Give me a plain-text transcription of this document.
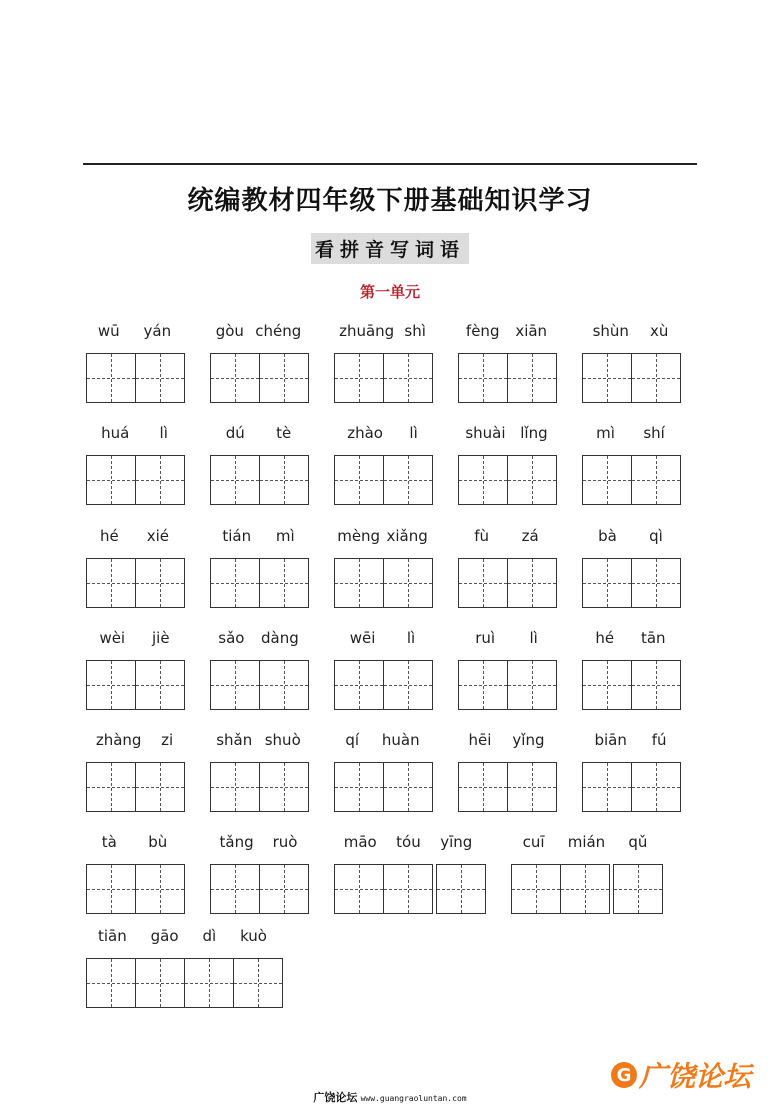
统编教材四年级下册基础知识学习
看拼音写词语
第一单元
wū yán	gòu chéng	zhuāng shì	fèng xiān	shùn xù
huá lì	dú tè	zhào lì	shuài lǐng	mì shí
hé xié	tián mì	mèng xiǎng	fù zá	bà qì
wèi jiè	sǎo dàng	wēi lì	ruì lì	hé tān
zhàng zi	shǎn shuò	qí huàn	hēi yǐng	biān fú
tà bù	tǎng ruò	māo tóu yīng	cuī mián qǔ
tiān gāo dì kuò
广饶论坛 www.guangraoluntan.com
G 广饶论坛
